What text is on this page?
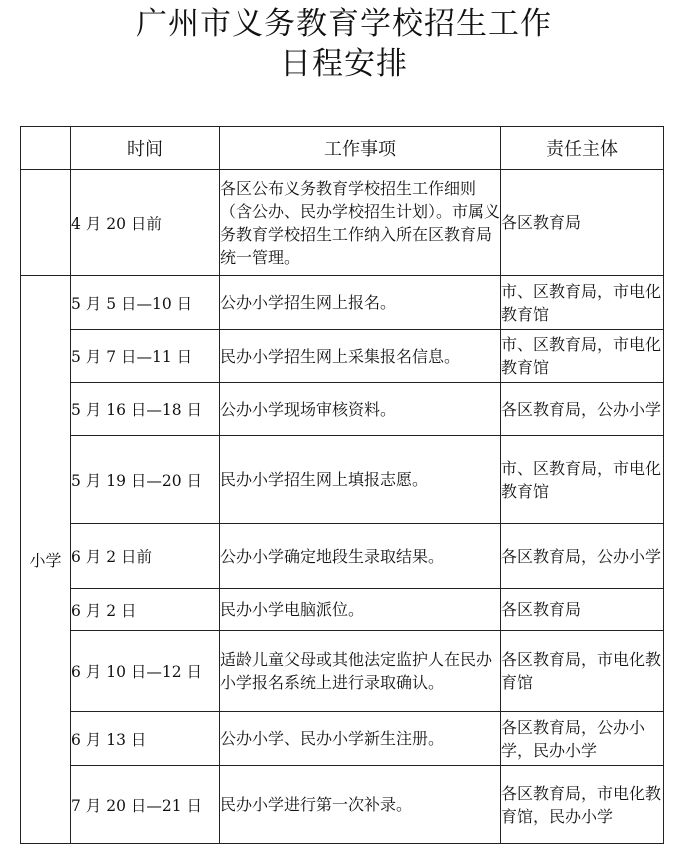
广州市义务教育学校招生工作
日程安排
	时间	工作事项	责任主体
	4 月 20 日前	各区公布义务教育学校招生工作细则（含公办、民办学校招生计划）。市属义务教育学校招生工作纳入所在区教育局统一管理。	各区教育局
小学	5 月 5 日—10 日	公办小学招生网上报名。	市、区教育局，市电化教育馆
	5 月 7 日—11 日	民办小学招生网上采集报名信息。	市、区教育局，市电化教育馆
	5 月 16 日—18 日	公办小学现场审核资料。	各区教育局，公办小学
	5 月 19 日—20 日	民办小学招生网上填报志愿。	市、区教育局，市电化教育馆
	6 月 2 日前	公办小学确定地段生录取结果。	各区教育局，公办小学
	6 月 2 日	民办小学电脑派位。	各区教育局
	6 月 10 日—12 日	适龄儿童父母或其他法定监护人在民办小学报名系统上进行录取确认。	各区教育局，市电化教育馆
	6 月 13 日	公办小学、民办小学新生注册。	各区教育局，公办小学，民办小学
	7 月 20 日—21 日	民办小学进行第一次补录。	各区教育局，市电化教育馆，民办小学
